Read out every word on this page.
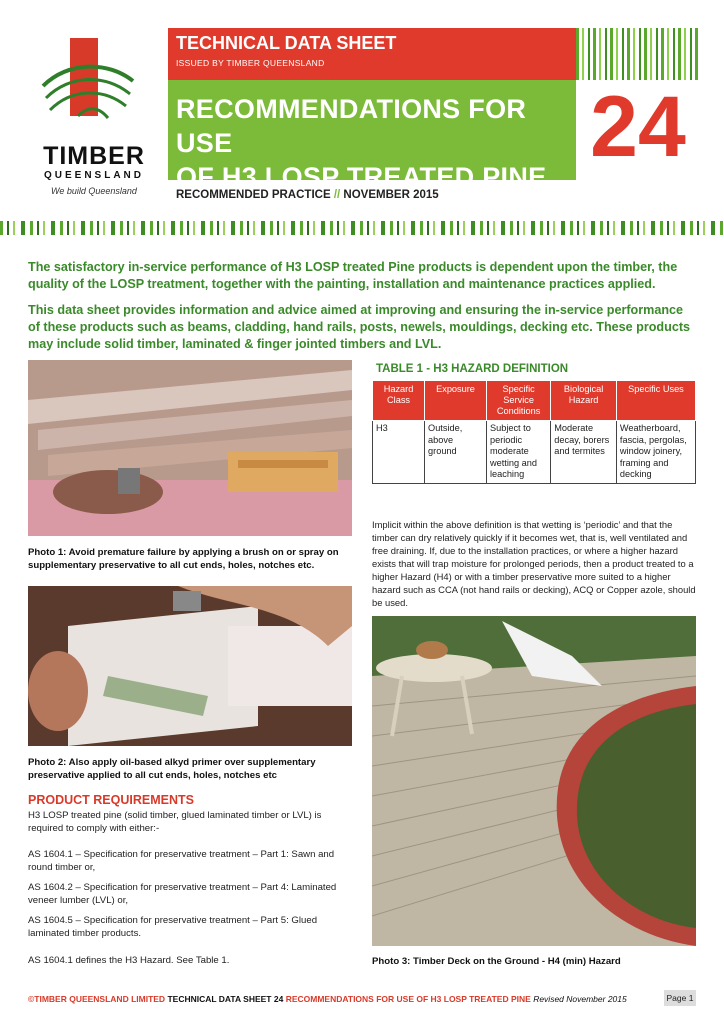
TIMBER
QUEENSLAND
We build Queensland
TECHNICAL DATA SHEET
ISSUED BY TIMBER QUEENSLAND
RECOMMENDATIONS FOR USE
OF H3 LOSP TREATED PINE
24
RECOMMENDED PRACTICE // NOVEMBER 2015
The satisfactory in-service performance of H3 LOSP treated Pine products is dependent upon the timber, the quality of the LOSP treatment, together with the painting, installation and maintenance practices applied.
This data sheet provides information and advice aimed at improving and ensuring the in-service performance of these products such as beams, cladding, hand rails, posts, newels, mouldings, decking etc. These products may include solid timber, laminated & finger jointed timbers and LVL.
Photo 1: Avoid premature failure by applying a brush on or spray on supplementary preservative to all cut ends, holes, notches etc.
Photo 2: Also apply oil-based alkyd primer over supplementary preservative applied to all cut ends, holes, notches etc
PRODUCT REQUIREMENTS
H3 LOSP treated pine (solid timber, glued laminated timber or LVL) is required to comply with either:-
AS 1604.1 – Specification for preservative treatment – Part 1: Sawn and round timber or,
AS 1604.2 – Specification for preservative treatment – Part 4: Laminated veneer lumber (LVL) or,
AS 1604.5 – Specification for preservative treatment – Part 5: Glued laminated timber products.
AS 1604.1 defines the H3 Hazard. See Table 1.
TABLE 1 - H3 HAZARD DEFINITION
Hazard Class	Exposure	Specific Service Conditions	Biological Hazard	Specific Uses
H3	Outside, above ground	Subject to periodic moderate wetting and leaching	Moderate decay, borers and termites	Weatherboard, fascia, pergolas, window joinery, framing and decking
Implicit within the above definition is that wetting is ‘periodic’ and that the timber can dry relatively quickly if it becomes wet, that is, well ventilated and free draining. If, due to the installation practices, or where a higher hazard exists that will trap moisture for prolonged periods, then a product treated to a higher Hazard (H4) or with a timber preservative more suited to a higher hazard such as CCA (not hand rails or decking), ACQ or Copper azole, should be used.
Photo 3: Timber Deck on the Ground - H4 (min) Hazard
©TIMBER QUEENSLAND LIMITED TECHNICAL DATA SHEET 24 RECOMMENDATIONS FOR USE OF H3 LOSP TREATED PINE Revised November 2015	Page 1
